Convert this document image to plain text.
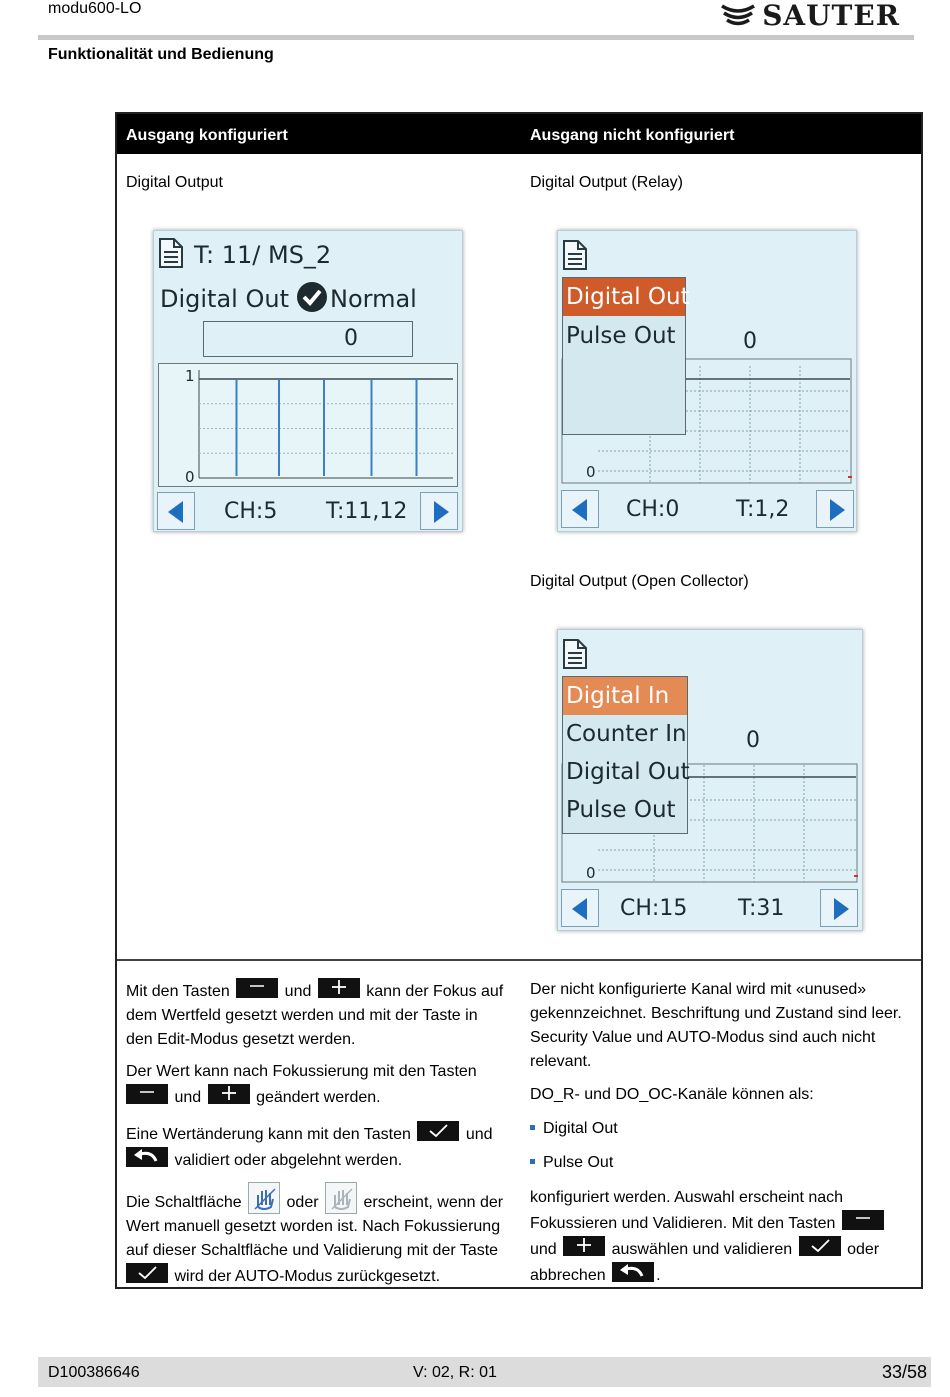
modu600-LO	SAUTER
Funktionalität und Bedienung
Ausgang konfiguriert	Ausgang nicht konfiguriert
Digital Output	Digital Output (Relay)
Digital Output (Open Collector)
T: 11/ MS_2
Digital Out Normal
0
1
0
CH:5 T:11,12
0
Digital Out
Pulse Out
0
CH:0	T:1,2
0
Digital In
Counter In
Digital Out
Pulse Out
0
CH:15 T:31
Mit den Tasten	und	kann der Fokus auf
dem Wertfeld gesetzt werden und mit der Taste in
den Edit-Modus gesetzt werden.
Der Wert kann nach Fokussierung mit den Tasten

und	geändert werden.
Eine Wertänderung kann mit den Tasten	und

validiert oder abgelehnt werden.
Die Schaltfläche	oder	erscheint, wenn der
Wert manuell gesetzt worden ist. Nach Fokussierung
auf dieser Schaltfläche und Validierung mit der Taste

wird der AUTO-Modus zurückgesetzt.
Der nicht konfigurierte Kanal wird mit «unused»
gekennzeichnet. Beschriftung und Zustand sind leer.
Security Value und AUTO-Modus sind auch nicht
relevant.
DO_R- und DO_OC-Kanäle können als:
Digital Out
Pulse Out
konfiguriert werden. Auswahl erscheint nach
Fokussieren und Validieren. Mit den Tasten

und	auswählen und validieren	oder
abbrechen	.
D100386646	V: 02, R: 01	33/58
